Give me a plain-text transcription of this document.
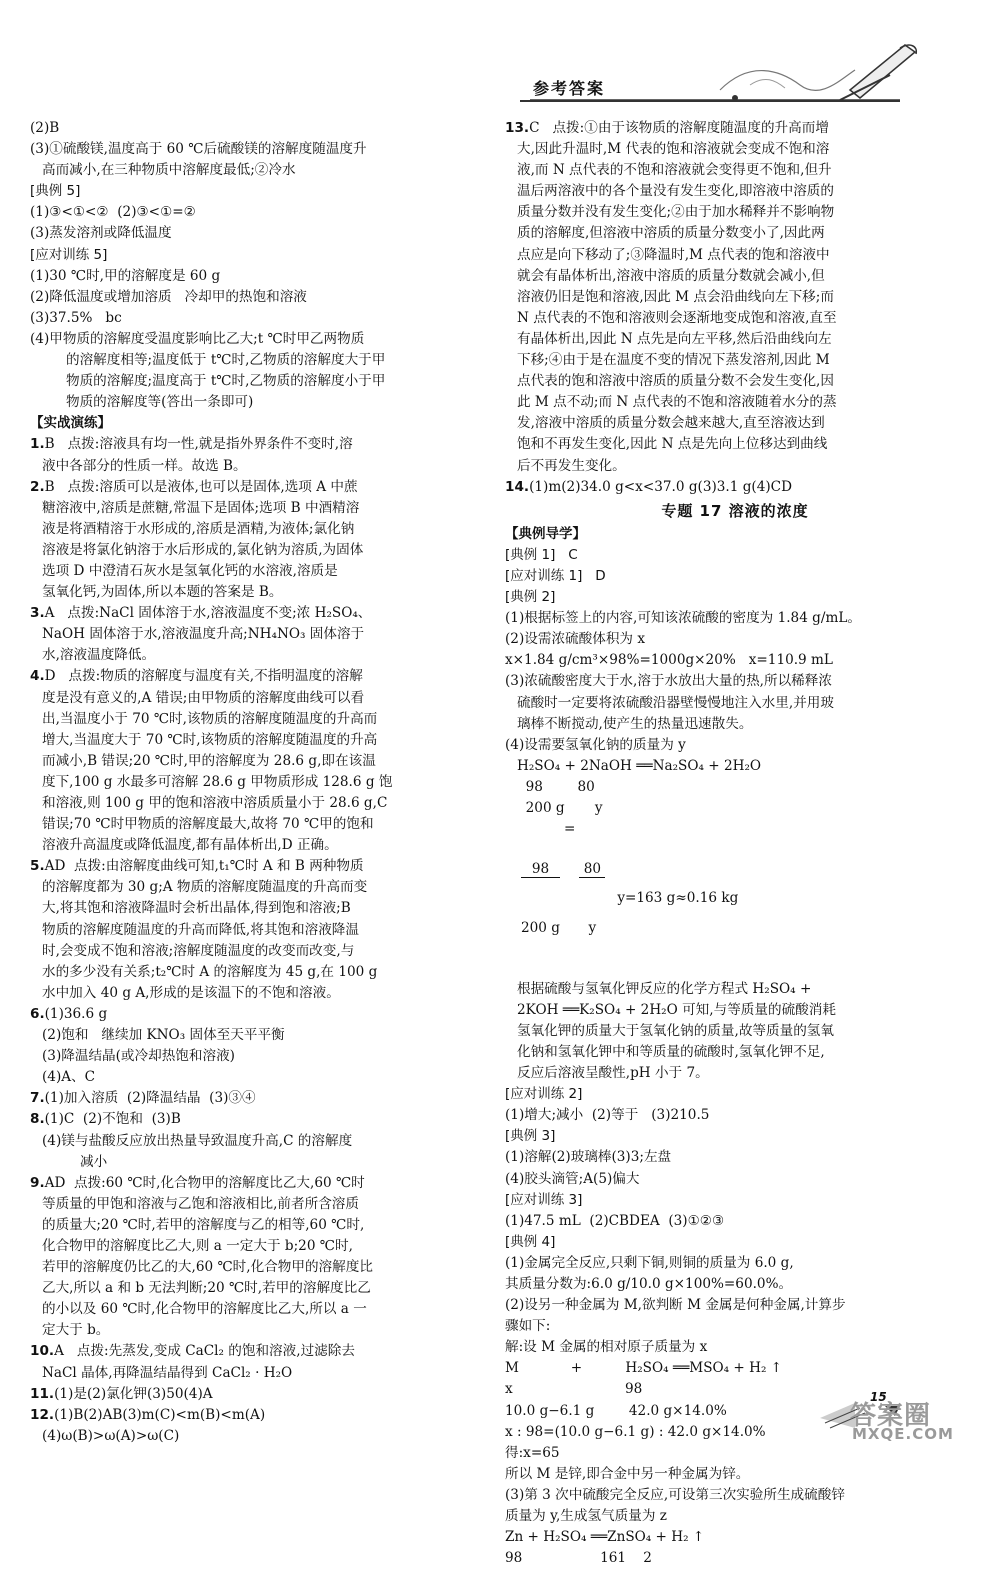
参考答案
(2)B
(3)①硫酸镁,温度高于 60 ℃后硫酸镁的溶解度随温度升
高而减小,在三种物质中溶解度最低;②冷水
[典例 5]
(1)③<①<②  (2)③<①=②
(3)蒸发溶剂或降低温度
[应对训练 5]
(1)30 ℃时,甲的溶解度是 60 g
(2)降低温度或增加溶质   冷却甲的热饱和溶液
(3)37.5%   bc
(4)甲物质的溶解度受温度影响比乙大;t ℃时甲乙两物质
的溶解度相等;温度低于 t℃时,乙物质的溶解度大于甲
物质的溶解度;温度高于 t℃时,乙物质的溶解度小于甲
物质的溶解度等(答出一条即可)
【实战演练】
1.B   点拨:溶液具有均一性,就是指外界条件不变时,溶
液中各部分的性质一样。故选 B。
2.B   点拨:溶质可以是液体,也可以是固体,选项 A 中蔗
糖溶液中,溶质是蔗糖,常温下是固体;选项 B 中酒精溶
液是将酒精溶于水形成的,溶质是酒精,为液体;氯化钠
溶液是将氯化钠溶于水后形成的,氯化钠为溶质,为固体
选项 D 中澄清石灰水是氢氧化钙的水溶液,溶质是
氢氧化钙,为固体,所以本题的答案是 B。
3.A   点拨:NaCl 固体溶于水,溶液温度不变;浓 H₂SO₄、
NaOH 固体溶于水,溶液温度升高;NH₄NO₃ 固体溶于
水,溶液温度降低。
4.D   点拨:物质的溶解度与温度有关,不指明温度的溶解
度是没有意义的,A 错误;由甲物质的溶解度曲线可以看
出,当温度小于 70 ℃时,该物质的溶解度随温度的升高而
增大,当温度大于 70 ℃时,该物质的溶解度随温度的升高
而减小,B 错误;20 ℃时,甲的溶解度为 28.6 g,即在该温
度下,100 g 水最多可溶解 28.6 g 甲物质形成 128.6 g 饱
和溶液,则 100 g 甲的饱和溶液中溶质质量小于 28.6 g,C
错误;70 ℃时甲物质的溶解度最大,故将 70 ℃甲的饱和
溶液升高温度或降低温度,都有晶体析出,D 正确。
5.AD  点拨:由溶解度曲线可知,t₁℃时 A 和 B 两种物质
的溶解度都为 30 g;A 物质的溶解度随温度的升高而变
大,将其饱和溶液降温时会析出晶体,得到饱和溶液;B
物质的溶解度随温度的升高而降低,将其饱和溶液降温
时,会变成不饱和溶液;溶解度随温度的改变而改变,与
水的多少没有关系;t₂℃时 A 的溶解度为 45 g,在 100 g
水中加入 40 g A,形成的是该温下的不饱和溶液。
6.(1)36.6 g
(2)饱和   继续加 KNO₃ 固体至天平平衡
(3)降温结晶(或冷却热饱和溶液)
(4)A、C
7.(1)加入溶质  (2)降温结晶  (3)③④
8.(1)C  (2)不饱和  (3)B
(4)镁与盐酸反应放出热量导致温度升高,C 的溶解度
减小
9.AD  点拨:60 ℃时,化合物甲的溶解度比乙大,60 ℃时
等质量的甲饱和溶液与乙饱和溶液相比,前者所含溶质
的质量大;20 ℃时,若甲的溶解度与乙的相等,60 ℃时,
化合物甲的溶解度比乙大,则 a 一定大于 b;20 ℃时,
若甲的溶解度仍比乙的大,60 ℃时,化合物甲的溶解度比
乙大,所以 a 和 b 无法判断;20 ℃时,若甲的溶解度比乙
的小以及 60 ℃时,化合物甲的溶解度比乙大,所以 a 一
定大于 b。
10.A   点拨:先蒸发,变成 CaCl₂ 的饱和溶液,过滤除去
NaCl 晶体,再降温结晶得到 CaCl₂ · H₂O
11.(1)是(2)氯化钾(3)50(4)A
12.(1)B(2)AB(3)m(C)<m(B)<m(A)
(4)ω(B)>ω(A)>ω(C)
13.C   点拨:①由于该物质的溶解度随温度的升高而增
大,因此升温时,M 代表的饱和溶液就会变成不饱和溶
液,而 N 点代表的不饱和溶液就会变得更不饱和,但升
温后两溶液中的各个量没有发生变化,即溶液中溶质的
质量分数并没有发生变化;②由于加水稀释并不影响物
质的溶解度,但溶液中溶质的质量分数变小了,因此两
点应是向下移动了;③降温时,M 点代表的饱和溶液中
就会有晶体析出,溶液中溶质的质量分数就会减小,但
溶液仍旧是饱和溶液,因此 M 点会沿曲线向左下移;而
N 点代表的不饱和溶液则会逐渐地变成饱和溶液,直至
有晶体析出,因此 N 点先是向左平移,然后沿曲线向左
下移;④由于是在温度不变的情况下蒸发溶剂,因此 M
点代表的饱和溶液中溶质的质量分数不会发生变化,因
此 M 点不动;而 N 点代表的不饱和溶液随着水分的蒸
发,溶液中溶质的质量分数会越来越大,直至溶液达到
饱和不再发生变化,因此 N 点是先向上位移达到曲线
后不再发生变化。
14.(1)m(2)34.0 g<x<37.0 g(3)3.1 g(4)CD
专题 17 溶液的浓度
【典例导学】
[典例 1]   C
[应对训练 1]   D
[典例 2]
(1)根据标签上的内容,可知该浓硫酸的密度为 1.84 g/mL。
(2)设需浓硫酸体积为 x
x×1.84 g/cm³×98%=1000g×20%   x=110.9 mL
(3)浓硫酸密度大于水,溶于水放出大量的热,所以稀释浓
硫酸时一定要将浓硫酸沿器壁慢慢地注入水里,并用玻
璃棒不断搅动,使产生的热量迅速散失。
(4)设需要氢氧化钠的质量为 y
H₂SO₄ + 2NaOH ══Na₂SO₄ + 2H₂O
98        80
200 g       y

$\frac{98}{200 g}$

=

$\frac{80}{y}$

y=163 g≈0.16 kg
根据硫酸与氢氧化钾反应的化学方程式 H₂SO₄ +
2KOH ══K₂SO₄ + 2H₂O 可知,与等质量的硫酸消耗
氢氧化钾的质量大于氢氧化钠的质量,故等质量的氢氧
化钠和氢氧化钾中和等质量的硫酸时,氢氧化钾不足,
反应后溶液呈酸性,pH 小于 7。
[应对训练 2]
(1)增大;减小  (2)等于   (3)210.5
[典例 3]
(1)溶解(2)玻璃棒(3)3;左盘
(4)胶头滴管;A(5)偏大
[应对训练 3]
(1)47.5 mL  (2)CBDEA  (3)①②③
[典例 4]
(1)金属完全反应,只剩下铜,则铜的质量为 6.0 g,
其质量分数为:6.0 g/10.0 g×100%=60.0%。
(2)设另一种金属为 M,欲判断 M 金属是何种金属,计算步
骤如下:
解:设 M 金属的相对原子质量为 x
M            +          H₂SO₄ ══MSO₄ + H₂ ↑
x                          98
10.0 g−6.1 g        42.0 g×14.0%
x : 98=(10.0 g−6.1 g) : 42.0 g×14.0%
得:x=65
所以 M 是锌,即合金中另一种金属为锌。
(3)第 3 次中硫酸完全反应,可设第三次实验所生成硫酸锌
质量为 y,生成氢气质量为 z
Zn + H₂SO₄ ══ZnSO₄ + H₂ ↑
98                  161    2
15
答案圈
MXQE.COM
